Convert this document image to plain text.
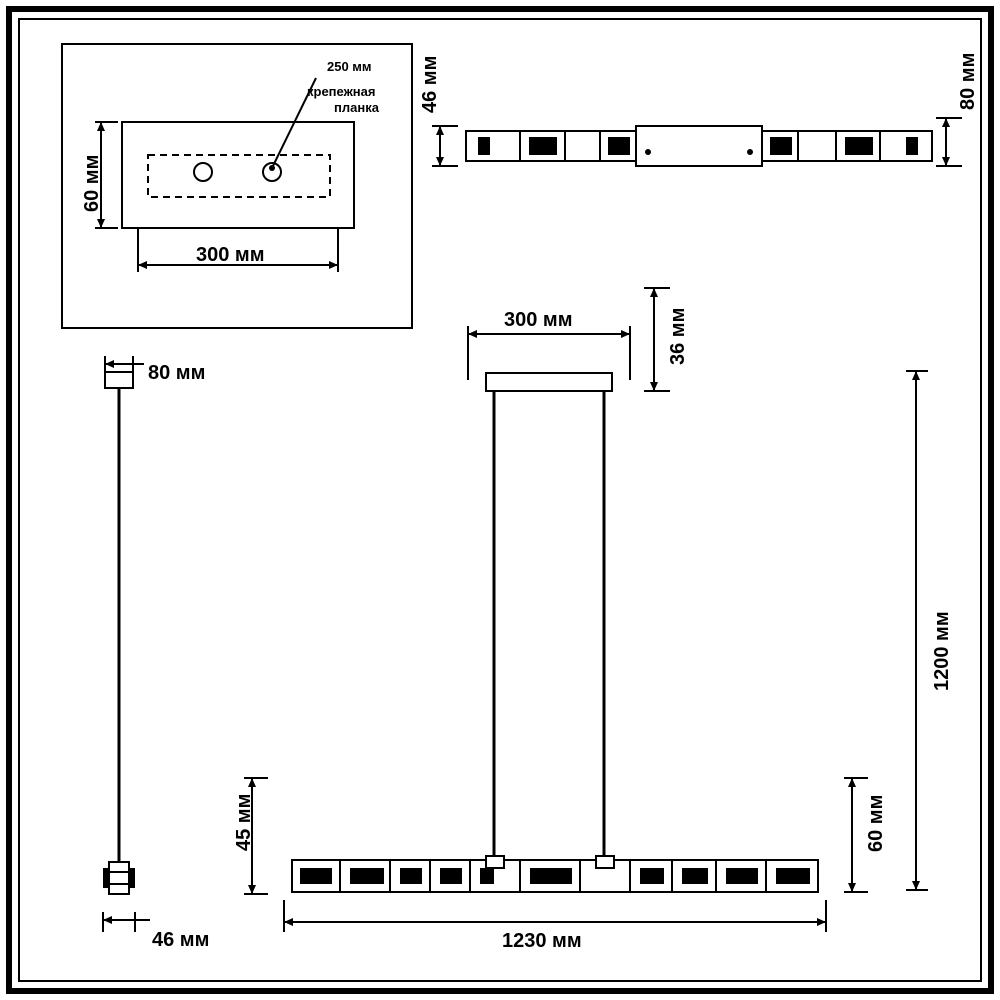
250 мм
крепежная
планка
60 мм
300 мм
46 мм	80 мм
80 мм
46 мм
45 мм
300 мм	36 мм
1200 мм
60 мм
1230 мм
